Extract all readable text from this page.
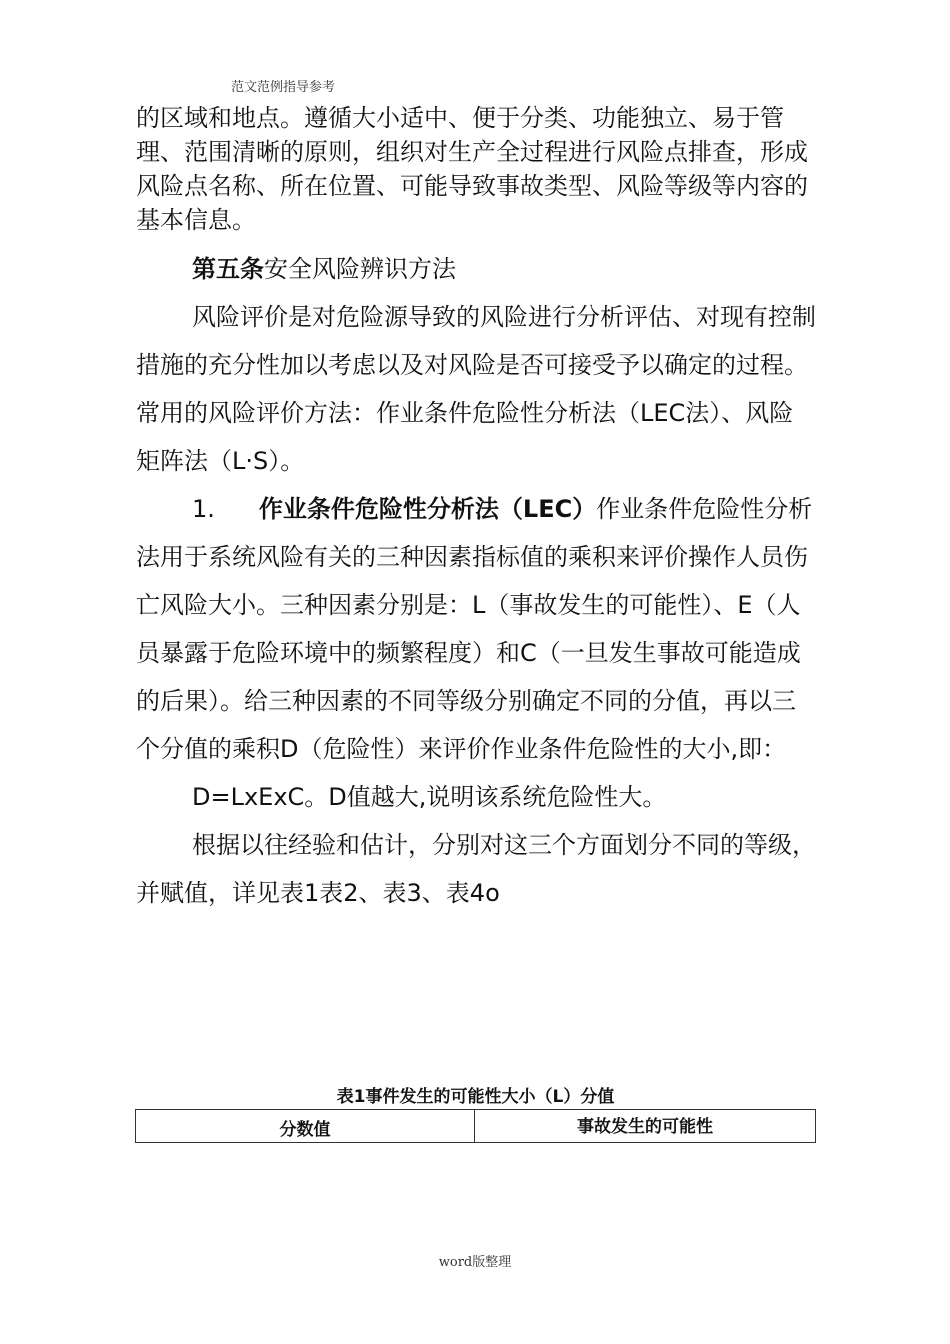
范文范例指导参考

的区域和地点。遵循大小适中、便于分类、功能独立、易于管理、范围清晰的原则，组织对生产全过程进行风险点排查，形成风险点名称、所在位置、可能导致事故类型、风险等级等内容的基本信息。

第五条安全风险辨识方法

风险评价是对危险源导致的风险进行分析评估、对现有控制措施的充分性加以考虑以及对风险是否可接受予以确定的过程。常用的风险评价方法：作业条件危险性分析法（LEC法）、风险矩阵法（L·S）。

1. 作业条件危险性分析法（LEC）作业条件危险性分析法用于系统风险有关的三种因素指标值的乘积来评价操作人员伤亡风险大小。三种因素分别是：L（事故发生的可能性）、E（人员暴露于危险环境中的频繁程度）和C（一旦发生事故可能造成的后果）。给三种因素的不同等级分别确定不同的分值，再以三个分值的乘积D（危险性）来评价作业条件危险性的大小,即：

D=LxExC。D值越大,说明该系统危险性大。

根据以往经验和估计，分别对这三个方面划分不同的等级，并赋值，详见表1表2、表3、表4o

表1事件发生的可能性大小（L）分值
分数值	事故发生的可能性
word版整理
